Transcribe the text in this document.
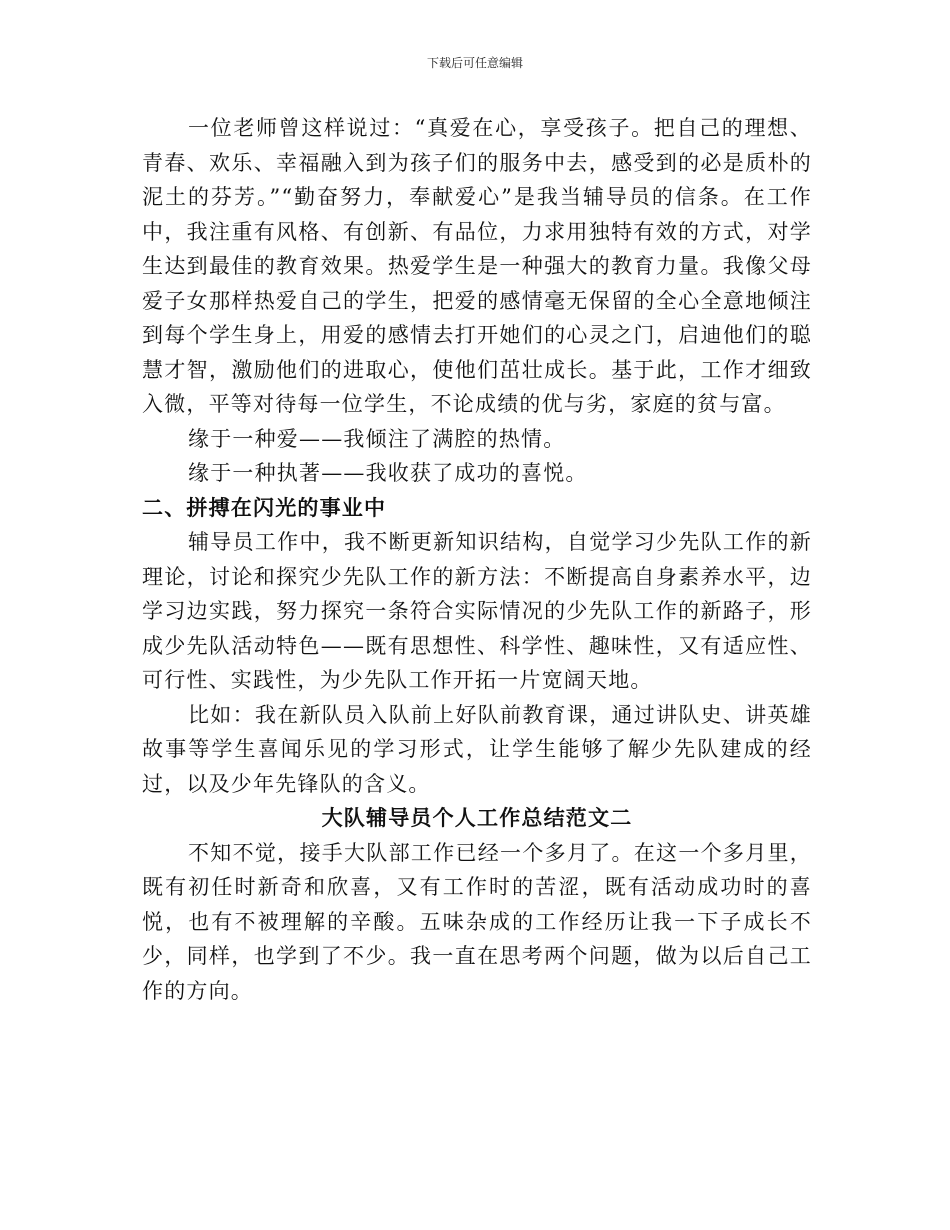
下载后可任意编辑

一位老师曾这样说过：“真爱在心，享受孩子。把自己的理想、青春、欢乐、幸福融入到为孩子们的服务中去，感受到的必是质朴的泥土的芬芳。”“勤奋努力，奉献爱心”是我当辅导员的信条。在工作中，我注重有风格、有创新、有品位，力求用独特有效的方式，对学生达到最佳的教育效果。热爱学生是一种强大的教育力量。我像父母爱子女那样热爱自己的学生，把爱的感情毫无保留的全心全意地倾注到每个学生身上，用爱的感情去打开她们的心灵之门，启迪他们的聪慧才智，激励他们的进取心，使他们茁壮成长。基于此，工作才细致入微，平等对待每一位学生，不论成绩的优与劣，家庭的贫与富。

缘于一种爱——我倾注了满腔的热情。

缘于一种执著——我收获了成功的喜悦。

二、拼搏在闪光的事业中

辅导员工作中，我不断更新知识结构，自觉学习少先队工作的新理论，讨论和探究少先队工作的新方法：不断提高自身素养水平，边学习边实践，努力探究一条符合实际情况的少先队工作的新路子，形成少先队活动特色——既有思想性、科学性、趣味性，又有适应性、可行性、实践性，为少先队工作开拓一片宽阔天地。

比如：我在新队员入队前上好队前教育课，通过讲队史、讲英雄故事等学生喜闻乐见的学习形式，让学生能够了解少先队建成的经过，以及少年先锋队的含义。

大队辅导员个人工作总结范文二

不知不觉，接手大队部工作已经一个多月了。在这一个多月里，既有初任时新奇和欣喜，又有工作时的苦涩，既有活动成功时的喜悦，也有不被理解的辛酸。五味杂成的工作经历让我一下子成长不少，同样，也学到了不少。我一直在思考两个问题，做为以后自己工作的方向。
